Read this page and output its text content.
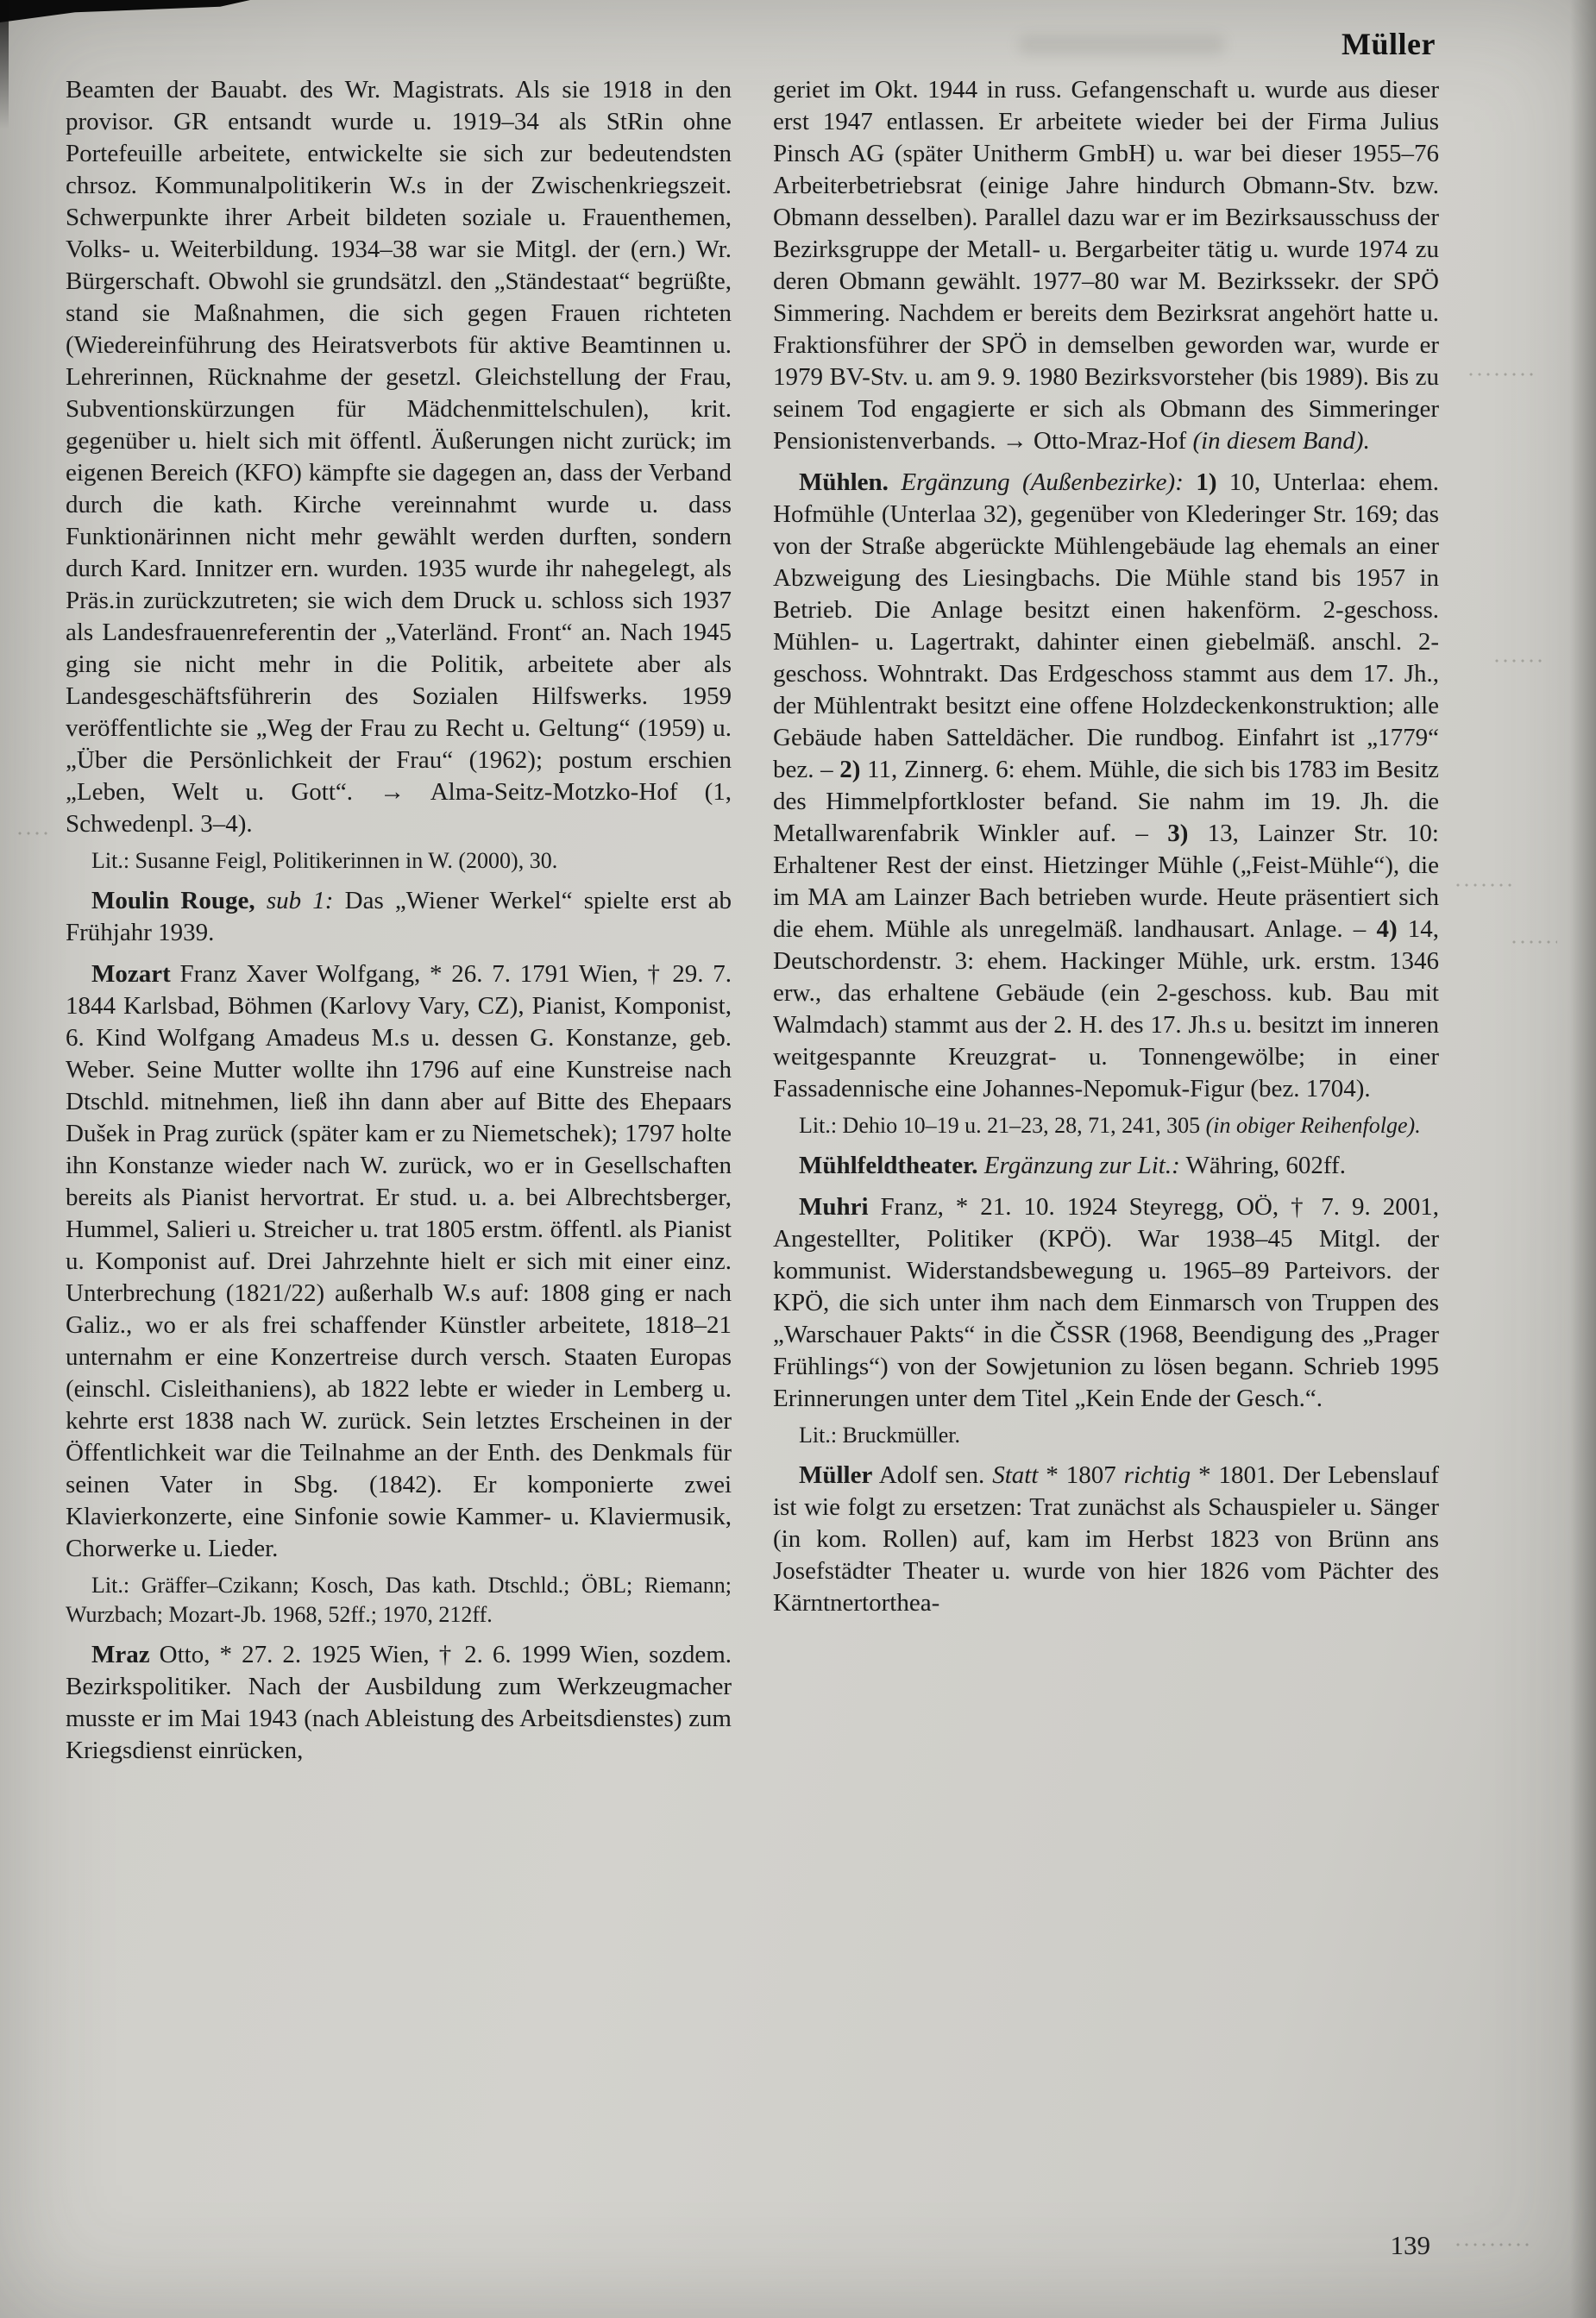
Müller

Beamten der Bauabt. des Wr. Magistrats. Als sie 1918 in den provisor. GR entsandt wurde u. 1919–34 als StRin ohne Portefeuille arbeitete, entwickelte sie sich zur bedeutendsten chrsoz. Kommunalpolitikerin W.s in der Zwischenkriegszeit. Schwerpunkte ihrer Arbeit bildeten soziale u. Frauenthemen, Volks- u. Weiterbildung. 1934–38 war sie Mitgl. der (ern.) Wr. Bürgerschaft. Obwohl sie grundsätzl. den „Ständestaat“ begrüßte, stand sie Maßnahmen, die sich gegen Frauen richteten (Wiedereinführung des Heiratsverbots für aktive Beamtinnen u. Lehrerinnen, Rücknahme der gesetzl. Gleichstellung der Frau, Subventionskürzungen für Mädchenmittelschulen), krit. gegenüber u. hielt sich mit öffentl. Äußerungen nicht zurück; im eigenen Bereich (KFO) kämpfte sie dagegen an, dass der Verband durch die kath. Kirche vereinnahmt wurde u. dass Funktionärinnen nicht mehr gewählt werden durften, sondern durch Kard. Innitzer ern. wurden. 1935 wurde ihr nahegelegt, als Präs.in zurückzutreten; sie wich dem Druck u. schloss sich 1937 als Landesfrauenreferentin der „Vaterländ. Front“ an. Nach 1945 ging sie nicht mehr in die Politik, arbeitete aber als Landesgeschäftsführerin des Sozialen Hilfswerks. 1959 veröffentlichte sie „Weg der Frau zu Recht u. Geltung“ (1959) u. „Über die Persönlichkeit der Frau“ (1962); postum erschien „Leben, Welt u. Gott“. → Alma-Seitz-Motzko-Hof (1, Schwedenpl. 3–4).

Lit.: Susanne Feigl, Politikerinnen in W. (2000), 30.

Moulin Rouge, sub 1: Das „Wiener Werkel“ spielte erst ab Frühjahr 1939.

Mozart Franz Xaver Wolfgang, * 26. 7. 1791 Wien, † 29. 7. 1844 Karlsbad, Böhmen (Karlovy Vary, CZ), Pianist, Komponist, 6. Kind Wolfgang Amadeus M.s u. dessen G. Konstanze, geb. Weber. Seine Mutter wollte ihn 1796 auf eine Kunstreise nach Dtschld. mitnehmen, ließ ihn dann aber auf Bitte des Ehepaars Dušek in Prag zurück (später kam er zu Niemetschek); 1797 holte ihn Konstanze wieder nach W. zurück, wo er in Gesellschaften bereits als Pianist hervortrat. Er stud. u. a. bei Albrechtsberger, Hummel, Salieri u. Streicher u. trat 1805 erstm. öffentl. als Pianist u. Komponist auf. Drei Jahrzehnte hielt er sich mit einer einz. Unterbrechung (1821/22) außerhalb W.s auf: 1808 ging er nach Galiz., wo er als frei schaffender Künstler arbeitete, 1818–21 unternahm er eine Konzertreise durch versch. Staaten Europas (einschl. Cisleithaniens), ab 1822 lebte er wieder in Lemberg u. kehrte erst 1838 nach W. zurück. Sein letztes Erscheinen in der Öffentlichkeit war die Teilnahme an der Enth. des Denkmals für seinen Vater in Sbg. (1842). Er komponierte zwei Klavierkonzerte, eine Sinfonie sowie Kammer- u. Klaviermusik, Chorwerke u. Lieder.

Lit.: Gräffer–Czikann; Kosch, Das kath. Dtschld.; ÖBL; Riemann; Wurzbach; Mozart-Jb. 1968, 52ff.; 1970, 212ff.

Mraz Otto, * 27. 2. 1925 Wien, † 2. 6. 1999 Wien, sozdem. Bezirkspolitiker. Nach der Ausbildung zum Werkzeugmacher musste er im Mai 1943 (nach Ableistung des Arbeitsdienstes) zum Kriegsdienst einrücken,

geriet im Okt. 1944 in russ. Gefangenschaft u. wurde aus dieser erst 1947 entlassen. Er arbeitete wieder bei der Firma Julius Pinsch AG (später Unitherm GmbH) u. war bei dieser 1955–76 Arbeiterbetriebsrat (einige Jahre hindurch Obmann-Stv. bzw. Obmann desselben). Parallel dazu war er im Bezirksausschuss der Bezirksgruppe der Metall- u. Bergarbeiter tätig u. wurde 1974 zu deren Obmann gewählt. 1977–80 war M. Bezirkssekr. der SPÖ Simmering. Nachdem er bereits dem Bezirksrat angehört hatte u. Fraktionsführer der SPÖ in demselben geworden war, wurde er 1979 BV-Stv. u. am 9. 9. 1980 Bezirksvorsteher (bis 1989). Bis zu seinem Tod engagierte er sich als Obmann des Simmeringer Pensionistenverbands. → Otto-Mraz-Hof (in diesem Band).

Mühlen. Ergänzung (Außenbezirke): 1) 10, Unterlaa: ehem. Hofmühle (Unterlaa 32), gegenüber von Klederinger Str. 169; das von der Straße abgerückte Mühlengebäude lag ehemals an einer Abzweigung des Liesingbachs. Die Mühle stand bis 1957 in Betrieb. Die Anlage besitzt einen hakenförm. 2-geschoss. Mühlen- u. Lagertrakt, dahinter einen giebelmäß. anschl. 2-geschoss. Wohntrakt. Das Erdgeschoss stammt aus dem 17. Jh., der Mühlentrakt besitzt eine offene Holzdeckenkonstruktion; alle Gebäude haben Satteldächer. Die rundbog. Einfahrt ist „1779“ bez. – 2) 11, Zinnerg. 6: ehem. Mühle, die sich bis 1783 im Besitz des Himmelpfortkloster befand. Sie nahm im 19. Jh. die Metallwarenfabrik Winkler auf. – 3) 13, Lainzer Str. 10: Erhaltener Rest der einst. Hietzinger Mühle („Feist-Mühle“), die im MA am Lainzer Bach betrieben wurde. Heute präsentiert sich die ehem. Mühle als unregelmäß. landhausart. Anlage. – 4) 14, Deutschordenstr. 3: ehem. Hackinger Mühle, urk. erstm. 1346 erw., das erhaltene Gebäude (ein 2-geschoss. kub. Bau mit Walmdach) stammt aus der 2. H. des 17. Jh.s u. besitzt im inneren weitgespannte Kreuzgrat- u. Tonnengewölbe; in einer Fassadennische eine Johannes-Nepomuk-Figur (bez. 1704).

Lit.: Dehio 10–19 u. 21–23, 28, 71, 241, 305 (in obiger Reihenfolge).

Mühlfeldtheater. Ergänzung zur Lit.: Währing, 602ff.

Muhri Franz, * 21. 10. 1924 Steyregg, OÖ, † 7. 9. 2001, Angestellter, Politiker (KPÖ). War 1938–45 Mitgl. der kommunist. Widerstandsbewegung u. 1965–89 Parteivors. der KPÖ, die sich unter ihm nach dem Einmarsch von Truppen des „Warschauer Pakts“ in die ČSSR (1968, Beendigung des „Prager Frühlings“) von der Sowjetunion zu lösen begann. Schrieb 1995 Erinnerungen unter dem Titel „Kein Ende der Gesch.“.

Lit.: Bruckmüller.

Müller Adolf sen. Statt * 1807 richtig * 1801. Der Lebenslauf ist wie folgt zu ersetzen: Trat zunächst als Schauspieler u. Sänger (in kom. Rollen) auf, kam im Herbst 1823 von Brünn ans Josefstädter Theater u. wurde von hier 1826 vom Pächter des Kärntnertorthea-

139
